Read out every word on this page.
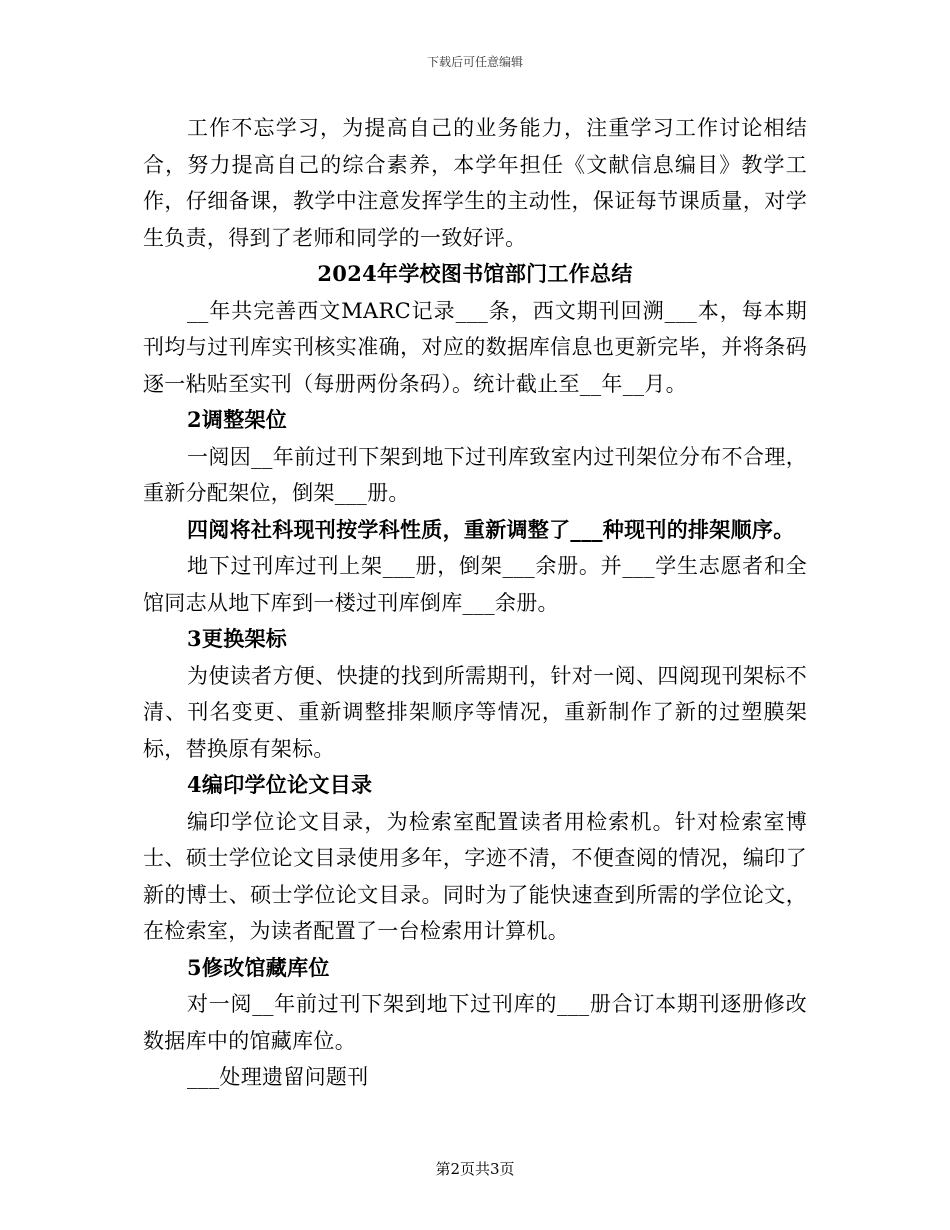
下载后可任意编辑

工作不忘学习，为提高自己的业务能力，注重学习工作讨论相结合，努力提高自己的综合素养，本学年担任《文献信息编目》教学工作，仔细备课，教学中注意发挥学生的主动性，保证每节课质量，对学生负责，得到了老师和同学的一致好评。

2024年学校图书馆部门工作总结

__年共完善西文MARC记录___条，西文期刊回溯___本，每本期刊均与过刊库实刊核实准确，对应的数据库信息也更新完毕，并将条码逐一粘贴至实刊（每册两份条码）。统计截止至__年__月。

2调整架位

一阅因__年前过刊下架到地下过刊库致室内过刊架位分布不合理，重新分配架位，倒架___册。

四阅将社科现刊按学科性质，重新调整了___种现刊的排架顺序。

地下过刊库过刊上架___册，倒架___余册。并___学生志愿者和全馆同志从地下库到一楼过刊库倒库___余册。

3更换架标

为使读者方便、快捷的找到所需期刊，针对一阅、四阅现刊架标不清、刊名变更、重新调整排架顺序等情况，重新制作了新的过塑膜架标，替换原有架标。

4编印学位论文目录

编印学位论文目录，为检索室配置读者用检索机。针对检索室博士、硕士学位论文目录使用多年，字迹不清，不便查阅的情况，编印了新的博士、硕士学位论文目录。同时为了能快速查到所需的学位论文，在检索室，为读者配置了一台检索用计算机。

5修改馆藏库位

对一阅__年前过刊下架到地下过刊库的___册合订本期刊逐册修改数据库中的馆藏库位。

___处理遗留问题刊

第2页共3页
